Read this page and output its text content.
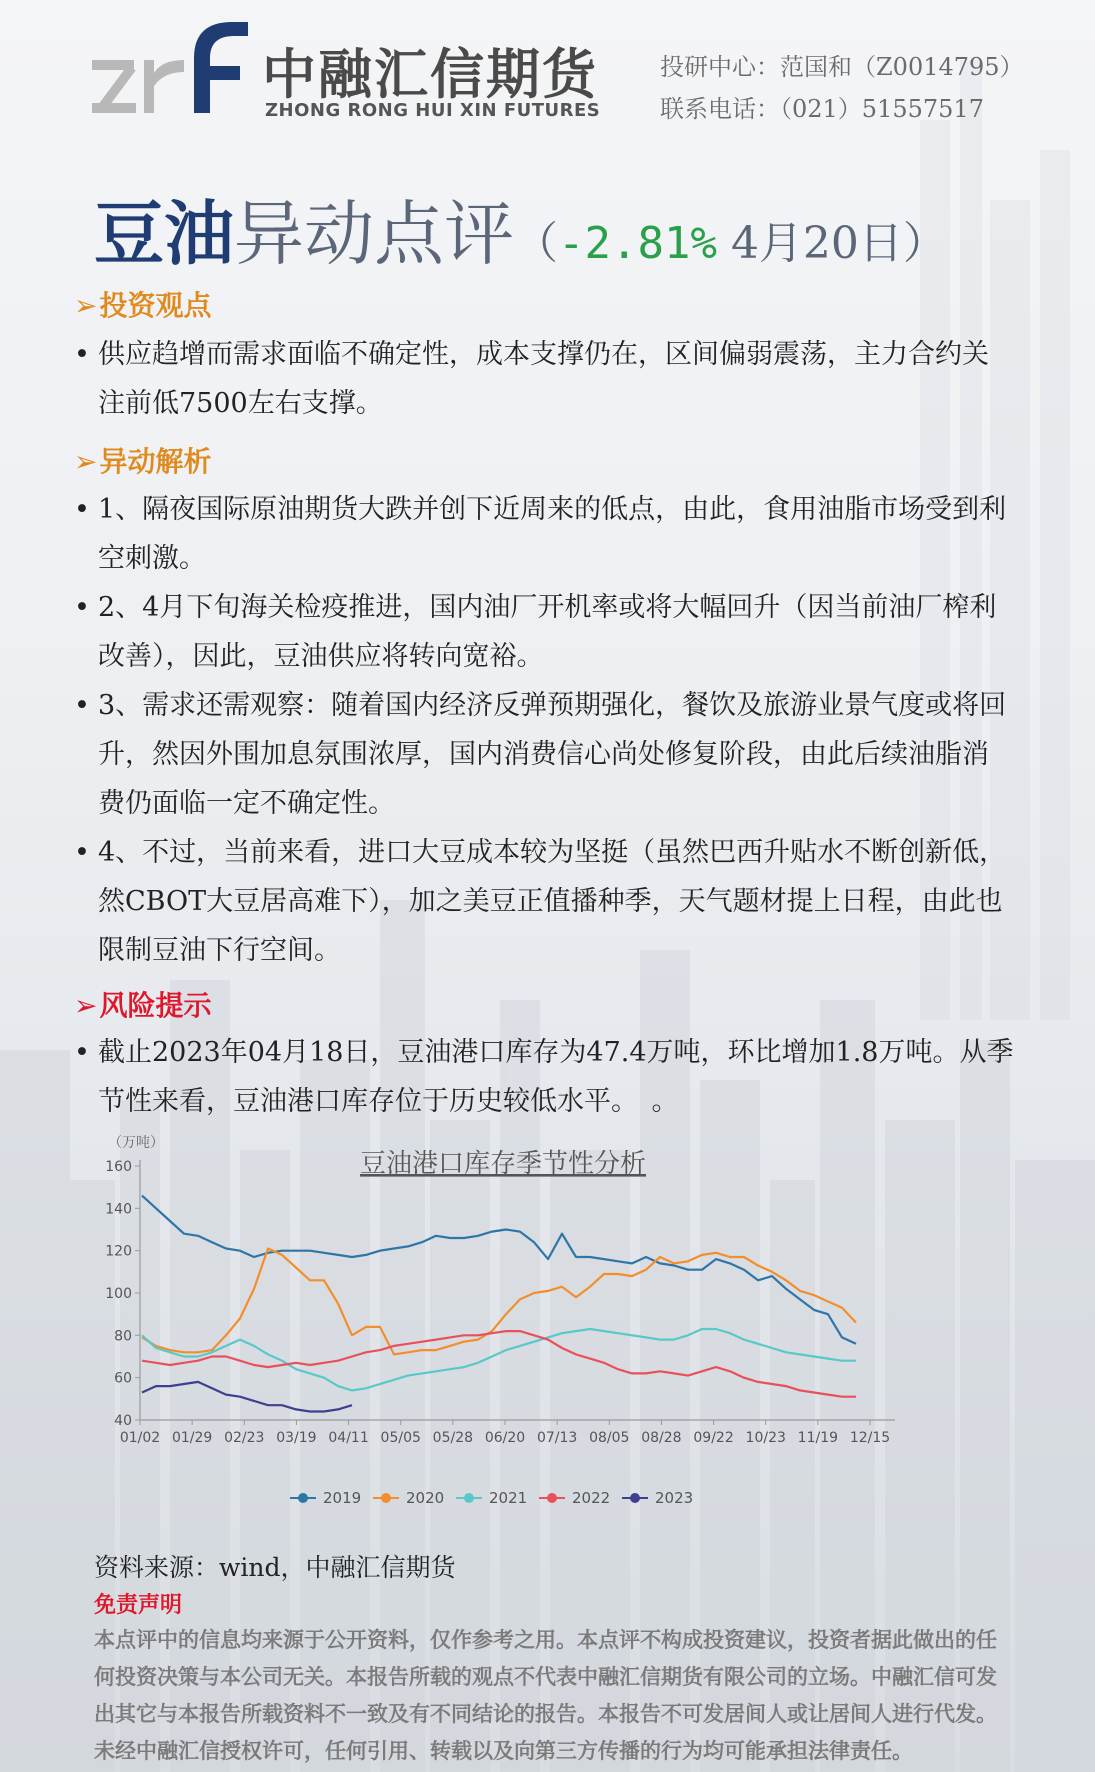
中融汇信期货
ZHONG RONG HUI XIN FUTURES
投研中心：范国和（Z0014795）
联系电话：（021）51557517
豆油异动点评（-2.81% 4月20日）
➢投资观点
• 供应趋增而需求面临不确定性，成本支撑仍在，区间偏弱震荡，主力合约关注前低7500左右支撑。
➢异动解析
• 1、隔夜国际原油期货大跌并创下近周来的低点，由此，食用油脂市场受到利空刺激。
• 2、4月下旬海关检疫推进，国内油厂开机率或将大幅回升（因当前油厂榨利改善），因此，豆油供应将转向宽裕。
• 3、需求还需观察：随着国内经济反弹预期强化，餐饮及旅游业景气度或将回升，然因外围加息氛围浓厚，国内消费信心尚处修复阶段，由此后续油脂消费仍面临一定不确定性。
• 4、不过，当前来看，进口大豆成本较为坚挺（虽然巴西升贴水不断创新低，然CBOT大豆居高难下），加之美豆正值播种季，天气题材提上日程，由此也限制豆油下行空间。
➢风险提示
• 截止2023年04月18日，豆油港口库存为47.4万吨，环比增加1.8万吨。从季节性来看，豆油港口库存位于历史较低水平。　。
豆油港口库存季节性分析
（万吨）
40
60
80
100
120
140
160
01/02 01/29 02/23 03/19 04/11 05/05 05/28 06/20 07/13 08/05 08/28 09/22 10/23 11/19 12/15
2019	2020	2021	2022	2023
资料来源：wind，中融汇信期货
免责声明
本点评中的信息均来源于公开资料，仅作参考之用。本点评不构成投资建议，投资者据此做出的任何投资决策与本公司无关。本报告所载的观点不代表中融汇信期货有限公司的立场。中融汇信可发出其它与本报告所载资料不一致及有不同结论的报告。本报告不可发居间人或让居间人进行代发。未经中融汇信授权许可，任何引用、转载以及向第三方传播的行为均可能承担法律责任。
